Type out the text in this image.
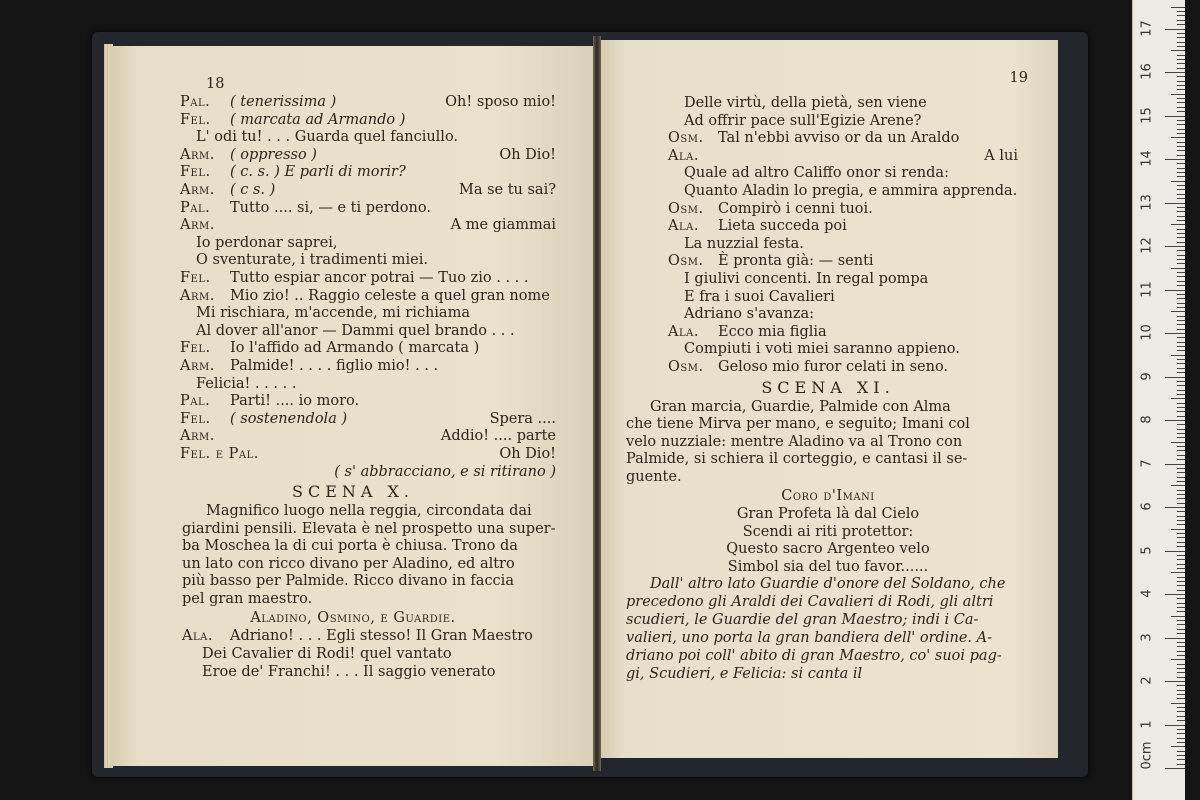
18
Pal. ( tenerissima )	Oh! sposo mio!
Fel. ( marcata ad Armando )
L' odi tu! . . . Guarda quel fanciullo.
Arm. ( oppresso )	Oh Dio!
Fel. ( c. s. ) E parli di morir?
Arm. ( c s. )	Ma se tu sai?
Pal. Tutto .... si, — e ti perdono.
Arm.	A me giammai
Io perdonar saprei,
O sventurate, i tradimenti miei.
Fel. Tutto espiar ancor potrai — Tuo zio . . . .
Arm. Mio zio! .. Raggio celeste a quel gran nome
Mi rischiara, m'accende, mi richiama
Al dover all'anor — Dammi quel brando . . .
Fel. Io l'affido ad Armando ( marcata )
Arm. Palmide! . . . . figlio mio! . . .
Felicia! . . . . .
Pal. Parti! .... io moro.
Fel. ( sostenendola )	Spera ....
Arm.	Addio! .... parte
Fel. e Pal.	Oh Dio!
( s' abbracciano, e si ritirano )
SCENA X.
Magnifico luogo nella reggia, circondata dai
giardini pensili. Elevata è nel prospetto una super-
ba Moschea la di cui porta è chiusa. Trono da
un lato con ricco divano per Aladino, ed altro
più basso per Palmide. Ricco divano in faccia
pel gran maestro.
Aladino, Osmino, e Guardie.
Ala. Adriano! . . . Egli stesso! Il Gran Maestro
Dei Cavalier di Rodi! quel vantato
Eroe de' Franchi! . . . Il saggio venerato
19
Delle virtù, della pietà, sen viene
Ad offrir pace sull'Egizie Arene?
Osm. Tal n'ebbi avviso or da un Araldo
Ala.	A lui
Quale ad altro Califfo onor si renda:
Quanto Aladin lo pregia, e ammira apprenda.
Osm. Compirò i cenni tuoi.
Ala. Lieta succeda poi
La nuzzial festa.
Osm. È pronta già: — senti
I giulivi concenti. In regal pompa
E fra i suoi Cavalieri
Adriano s'avanza:
Ala. Ecco mia figlia
Compiuti i voti miei saranno appieno.
Osm. Geloso mio furor celati in seno.
SCENA XI.
Gran marcia, Guardie, Palmide con Alma
che tiene Mirva per mano, e seguito; Imani col
velo nuzziale: mentre Aladino va al Trono con
Palmide, si schiera il corteggio, e cantasi il se-
guente.
Coro d'Imani
Gran Profeta là dal Cielo
Scendi ai riti protettor:
Questo sacro Argenteo velo
Simbol sia del tuo favor......
Dall' altro lato Guardie d'onore del Soldano, che
precedono gli Araldi dei Cavalieri di Rodi, gli altri
scudieri, le Guardie del gran Maestro; indi i Ca-
valieri, uno porta la gran bandiera dell' ordine. A-
driano poi coll' abito di gran Maestro, co' suoi pag-
gi, Scudieri, e Felicia: si canta il
0cm
1
2
3
4
5
6
7
8
9
10
11
12
13
14
15
16
17
